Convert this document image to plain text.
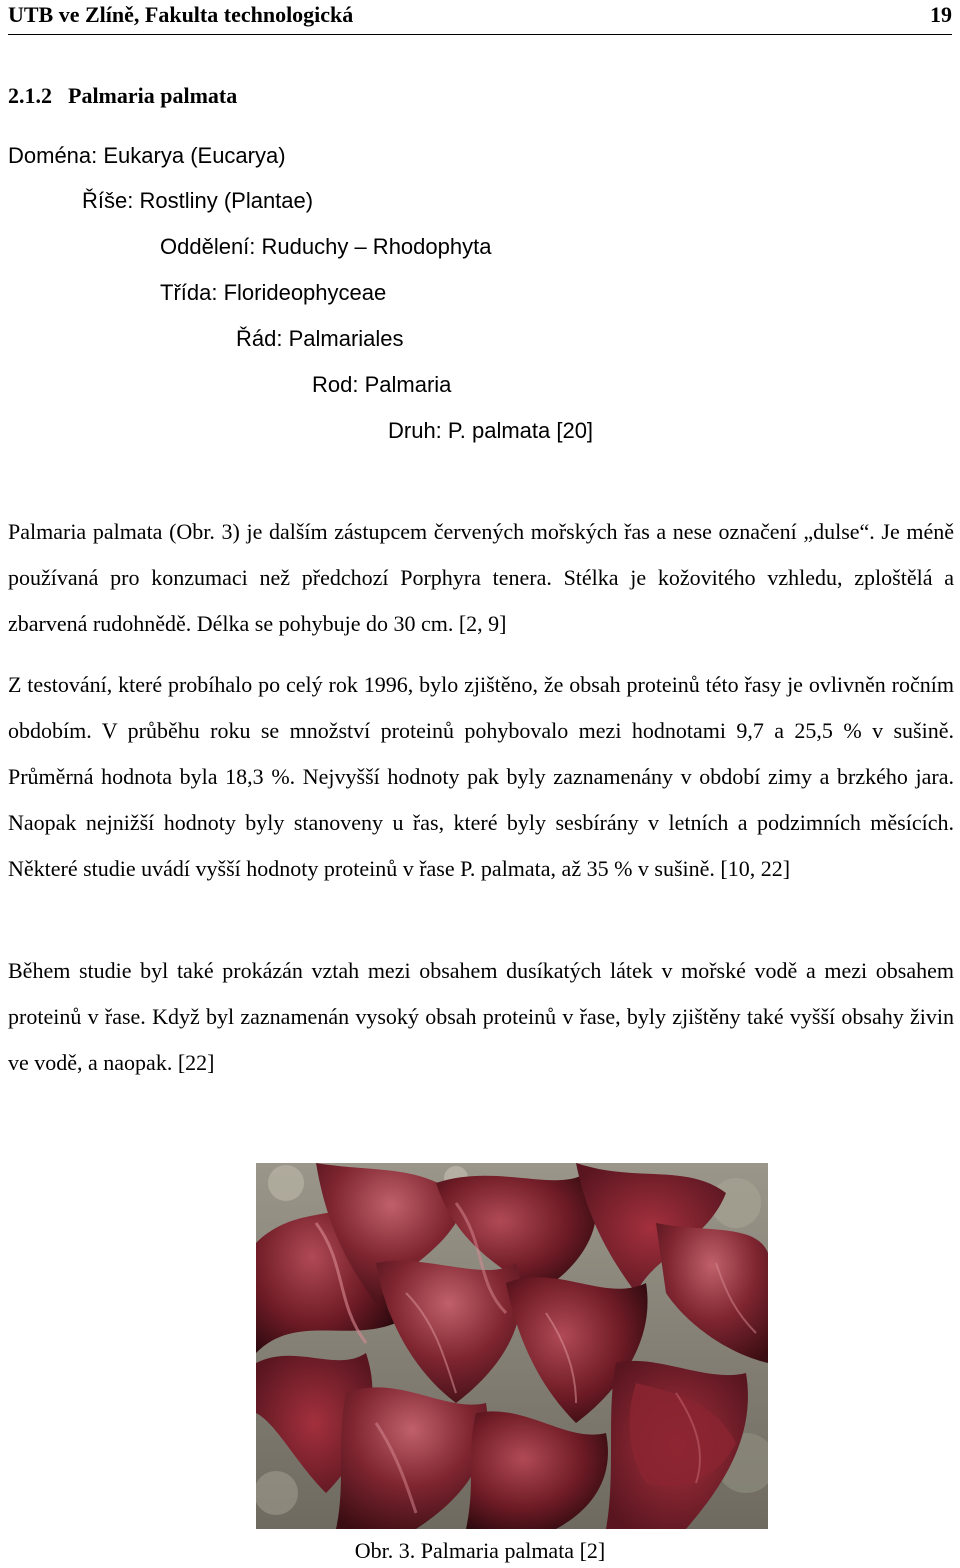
UTB ve Zlíně, Fakulta technologická	19
2.1.2 Palmaria palmata
Doména: Eukarya (Eucarya)
Říše: Rostliny (Plantae)
Oddělení: Ruduchy – Rhodophyta
Třída: Florideophyceae
Řád: Palmariales
Rod: Palmaria
Druh: P. palmata [20]

Palmaria palmata (Obr. 3) je dalším zástupcem červených mořských řas a nese označení „dulse“. Je méně používaná pro konzumaci než předchozí Porphyra tenera. Stélka je kožovitého vzhledu, zploštělá a zbarvená rudohnědě. Délka se pohybuje do 30 cm. [2, 9]

Z testování, které probíhalo po celý rok 1996, bylo zjištěno, že obsah proteinů této řasy je ovlivněn ročním obdobím. V průběhu roku se množství proteinů pohybovalo mezi hodnotami 9,7 a 25,5 % v sušině. Průměrná hodnota byla 18,3 %. Nejvyšší hodnoty pak byly zaznamenány v období zimy a brzkého jara. Naopak nejnižší hodnoty byly stanoveny u řas, které byly sesbírány v letních a podzimních měsících. Některé studie uvádí vyšší hodnoty proteinů v řase P. palmata, až 35 % v sušině. [10, 22]

Během studie byl také prokázán vztah mezi obsahem dusíkatých látek v mořské vodě a mezi obsahem proteinů v řase. Když byl zaznamenán vysoký obsah proteinů v řase, byly zjištěny také vyšší obsahy živin ve vodě, a naopak. [22]

Obr. 3. Palmaria palmata [2]
